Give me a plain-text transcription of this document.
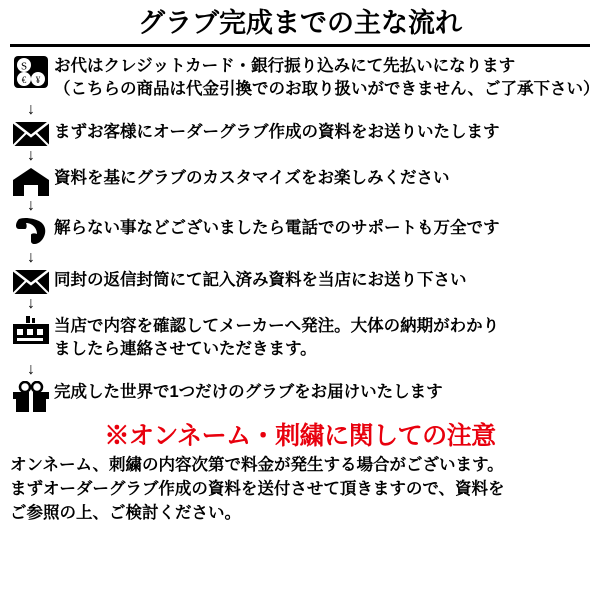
グラブ完成までの主な流れ
S
€ ¥
お代はクレジットカード・銀行振り込みにて先払いになります
（こちらの商品は代金引換でのお取り扱いができません、ご了承下さい）
↓
まずお客様にオーダーグラブ作成の資料をお送りいたします
↓
資料を基にグラブのカスタマイズをお楽しみください
↓
解らない事などございましたら電話でのサポートも万全です
↓
同封の返信封筒にて記入済み資料を当店にお送り下さい
↓
当店で内容を確認してメーカーへ発注。大体の納期がわかり
ましたら連絡させていただきます。
↓
完成した世界で1つだけのグラブをお届けいたします
※オンネーム・刺繍に関しての注意
オンネーム、刺繍の内容次第で料金が発生する場合がございます。
まずオーダーグラブ作成の資料を送付させて頂きますので、資料を
ご参照の上、ご検討ください。
